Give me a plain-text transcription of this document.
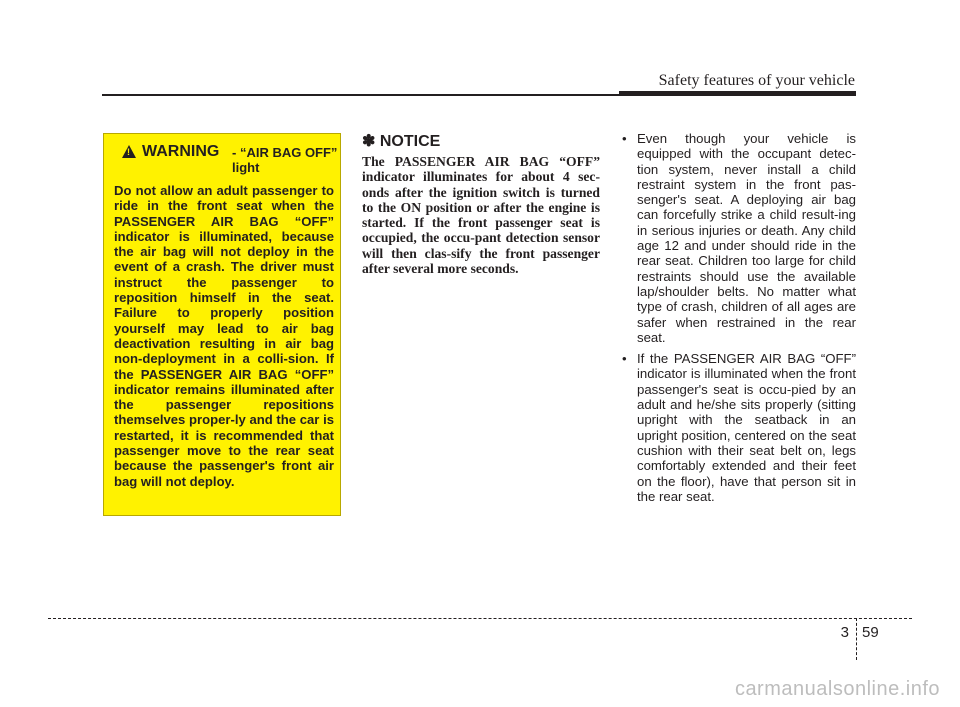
Safety features of your vehicle
!
WARNING - “AIR BAG OFF” light

Do not allow an adult passenger to ride in the front seat when the PASSENGER AIR BAG “OFF” indicator is illuminated, because the air bag will not deploy in the event of a crash. The driver must instruct the passenger to reposition himself in the seat. Failure to properly position yourself may lead to air bag deactivation resulting in air bag non-deployment in a colli-sion. If the PASSENGER AIR BAG “OFF” indicator remains illuminated after the passenger repositions themselves proper-ly and the car is restarted, it is recommended that passenger move to the rear seat because the passenger's front air bag will not deploy.

✽ NOTICE

The PASSENGER AIR BAG “OFF” indicator illuminates for about 4 sec-onds after the ignition switch is turned to the ON position or after the engine is started. If the front passenger seat is occupied, the occu-pant detection sensor will then clas-sify the front passenger after several more seconds.

• Even though your vehicle is equipped with the occupant detec-tion system, never install a child restraint system in the front pas-senger's seat. A deploying air bag can forcefully strike a child result-ing in serious injuries or death. Any child age 12 and under should ride in the rear seat. Children too large for child restraints should use the available lap/shoulder belts. No matter what type of crash, children of all ages are safer when restrained in the rear seat.
• If the PASSENGER AIR BAG “OFF” indicator is illuminated when the front passenger's seat is occu-pied by an adult and he/she sits properly (sitting upright with the seatback in an upright position, centered on the seat cushion with their seat belt on, legs comfortably extended and their feet on the floor), have that person sit in the rear seat.
3 59
carmanualsonline.info
